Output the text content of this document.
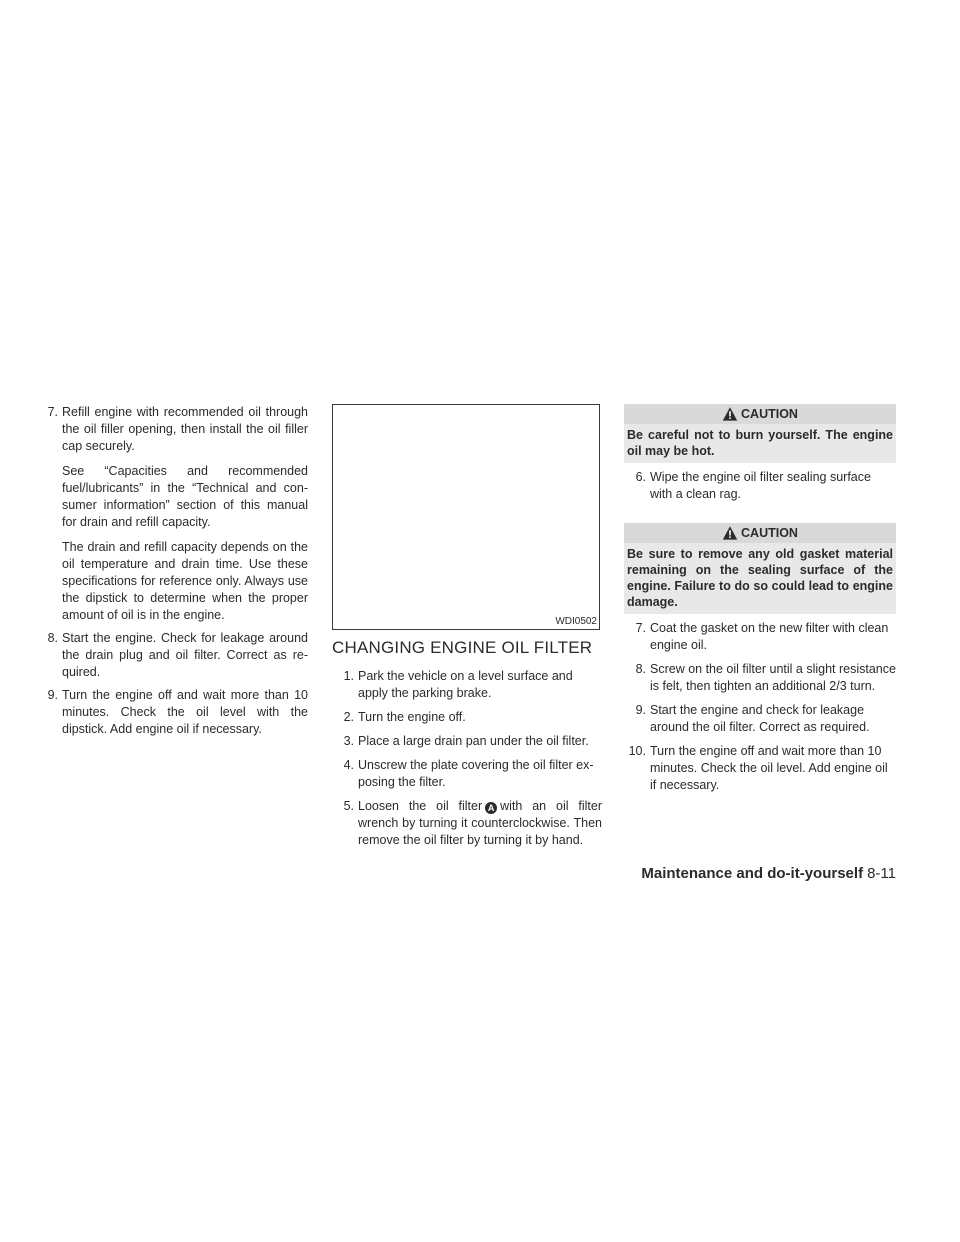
7. Refill engine with recommended oil through the oil filler opening, then install the oil filler cap securely.

See “Capacities and recommended fuel/lubricants” in the “Technical and con-sumer information” section of this manual for drain and refill capacity.

The drain and refill capacity depends on the oil temperature and drain time. Use these specifications for reference only. Always use the dipstick to determine when the proper amount of oil is in the engine.

8. Start the engine. Check for leakage around the drain plug and oil filter. Correct as re-quired.

9. Turn the engine off and wait more than 10 minutes. Check the oil level with the dipstick. Add engine oil if necessary.

WDI0502
CHANGING ENGINE OIL FILTER
1. Park the vehicle on a level surface and apply the parking brake.

2. Turn the engine off.

3. Place a large drain pan under the oil filter.

4. Unscrew the plate covering the oil filter ex-posing the filter.

5. Loosen the oil filter A with an oil filter wrench by turning it counterclockwise. Then remove the oil filter by turning it by hand.

CAUTION
Be careful not to burn yourself. The engine oil may be hot.
6. Wipe the engine oil filter sealing surface with a clean rag.

CAUTION
Be sure to remove any old gasket material remaining on the sealing surface of the engine. Failure to do so could lead to engine damage.
7. Coat the gasket on the new filter with clean engine oil.

8. Screw on the oil filter until a slight resistance is felt, then tighten an additional 2/3 turn.

9. Start the engine and check for leakage around the oil filter. Correct as required.

10. Turn the engine off and wait more than 10 minutes. Check the oil level. Add engine oil if necessary.

Maintenance and do-it-yourself 8-11
